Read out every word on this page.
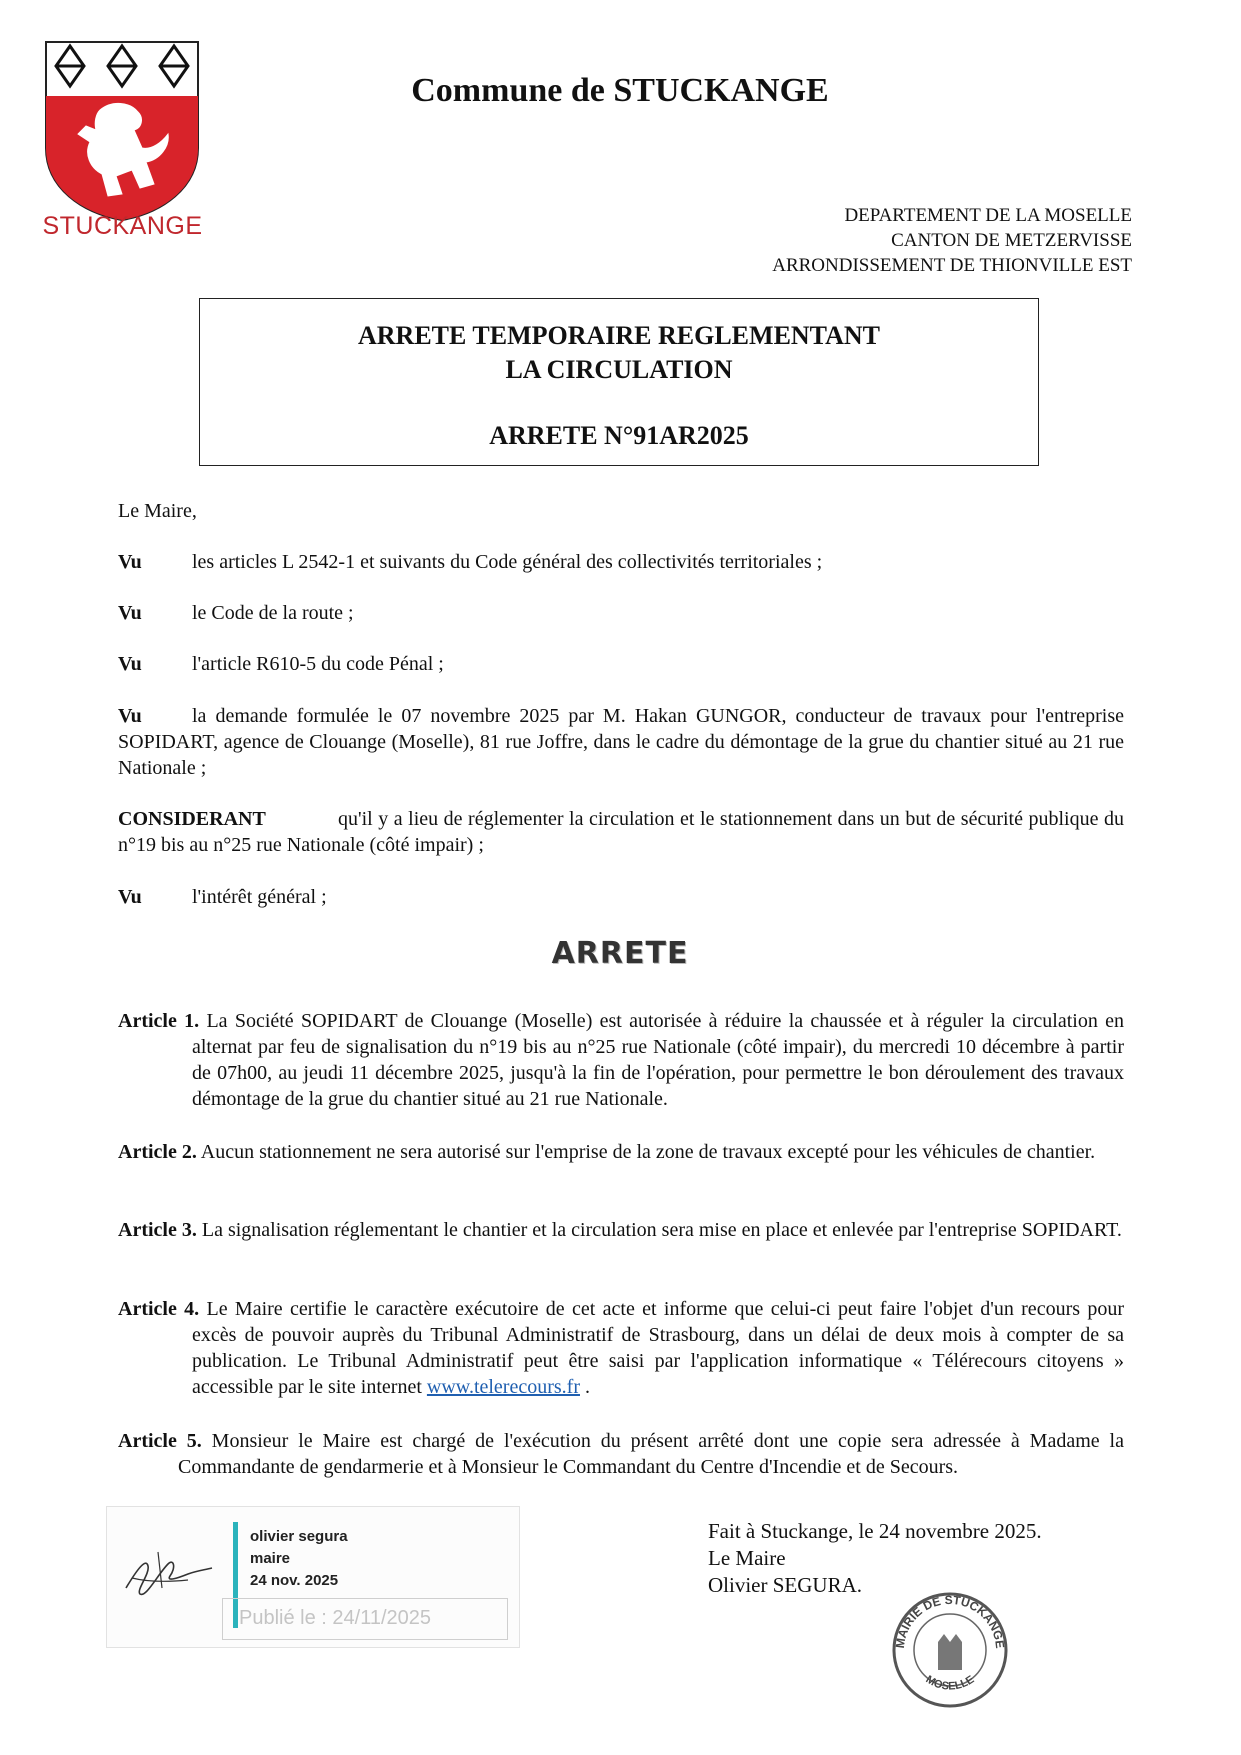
STUCKANGE
Commune de STUCKANGE
DEPARTEMENT DE LA MOSELLE
CANTON DE METZERVISSE
ARRONDISSEMENT DE THIONVILLE EST
ARRETE TEMPORAIRE REGLEMENTANT
LA CIRCULATION
ARRETE N°91AR2025
Le Maire,
Vu	les articles L 2542-1 et suivants du Code général des collectivités territoriales ;
Vu	le Code de la route ;
Vu	l'article R610-5 du code Pénal ;
Vu	la demande formulée le 07 novembre 2025 par M. Hakan GUNGOR, conducteur de travaux pour l'entreprise SOPIDART, agence de Clouange (Moselle), 81 rue Joffre, dans le cadre du démontage de la grue du chantier situé au 21 rue Nationale ;
CONSIDERANT	qu'il y a lieu de réglementer la circulation et le stationnement dans un but de sécurité publique du n°19 bis au n°25 rue Nationale (côté impair) ;
Vu	l'intérêt général ;
ARRETE
Article 1. La Société SOPIDART de Clouange (Moselle) est autorisée à réduire la chaussée et à réguler la circulation en alternat par feu de signalisation du n°19 bis au n°25 rue Nationale (côté impair), du mercredi 10 décembre à partir de 07h00, au jeudi 11 décembre 2025, jusqu'à la fin de l'opération, pour permettre le bon déroulement des travaux démontage de la grue du chantier situé au 21 rue Nationale.
Article 2. Aucun stationnement ne sera autorisé sur l'emprise de la zone de travaux excepté pour les véhicules de chantier.
Article 3. La signalisation réglementant le chantier et la circulation sera mise en place et enlevée par l'entreprise SOPIDART.
Article 4. Le Maire certifie le caractère exécutoire de cet acte et informe que celui-ci peut faire l'objet d'un recours pour excès de pouvoir auprès du Tribunal Administratif de Strasbourg, dans un délai de deux mois à compter de sa publication. Le Tribunal Administratif peut être saisi par l'application informatique « Télérecours citoyens » accessible par le site internet www.telerecours.fr .
Article 5. Monsieur le Maire est chargé de l'exécution du présent arrêté dont une copie sera adressée à Madame la Commandante de gendarmerie et à Monsieur le Commandant du Centre d'Incendie et de Secours.
olivier segura
maire
24 nov. 2025
Publié le : 24/11/2025
Fait à Stuckange, le 24 novembre 2025.
Le Maire
Olivier SEGURA.
MAIRIE DE STUCKANGE
MOSELLE
